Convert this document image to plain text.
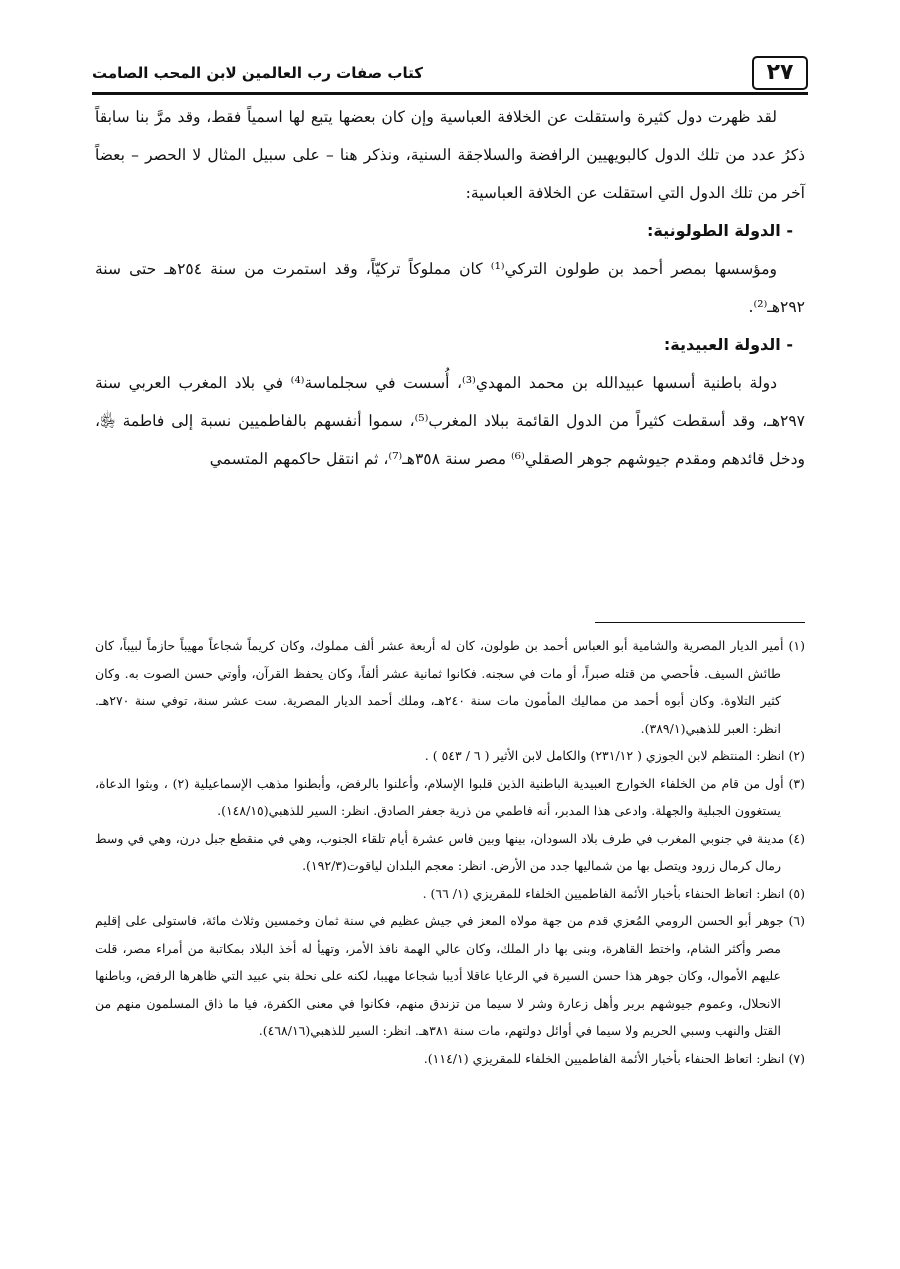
٢٧
كتاب صفات رب العالمين لابن المحب الصامت

لقد ظهرت دول كثيرة واستقلت عن الخلافة العباسية وإن كان بعضها يتبع لها اسمياً فقط، وقد مرَّ بنا سابقاً ذكرُ عدد من تلك الدول كالبويهيين الرافضة والسلاجقة السنية، ونذكر هنا – على سبيل المثال لا الحصر – بعضاً آخر من تلك الدول التي استقلت عن الخلافة العباسية:

- الدولة الطولونية:

ومؤسسها بمصر أحمد بن طولون التركي⁽¹⁾ كان مملوكاً تركيّاً، وقد استمرت من سنة ٢٥٤هـ حتى سنة ٢٩٢هـ⁽²⁾.

- الدولة العبيدية:

دولة باطنية أسسها عبيدالله بن محمد المهدي⁽³⁾، أُسست في سجلماسة⁽⁴⁾ في بلاد المغرب العربي سنة ٢٩٧هـ، وقد أسقطت كثيراً من الدول القائمة ببلاد المغرب⁽⁵⁾، سموا أنفسهم بالفاطميين نسبة إلى فاطمة ﵂، ودخل قائدهم ومقدم جيوشهم جوهر الصقلي⁽⁶⁾ مصر سنة ٣٥٨هـ⁽⁷⁾، ثم انتقل حاكمهم المتسمي

(١) أمير الديار المصرية والشامية أبو العباس أحمد بن طولون، كان له أربعة عشر ألف مملوك، وكان كريماً شجاعاً مهيباً حازماً لبيباً، كان طائش السيف. فأحصي من قتله صبراً، أو مات في سجنه. فكانوا ثمانية عشر ألفاً، وكان يحفظ القرآن، وأوتي حسن الصوت به. وكان كثير التلاوة. وكان أبوه أحمد من مماليك المأمون مات سنة ٢٤٠هـ، وملك أحمد الديار المصرية. ست عشر سنة، توفي سنة ٢٧٠هـ. انظر: العبر للذهبي(٣٨٩/١).

(٢) انظر: المنتظم لابن الجوزي ( ٢٣١/١٢) والكامل لابن الأثير ( ٦ / ٥٤٣ ) .

(٣) أول من قام من الخلفاء الخوارج العبيدية الباطنية الذين قلبوا الإسلام، وأعلنوا بالرفض، وأبطنوا مذهب الإسماعيلية (٢) ، وبثوا الدعاة، يستغوون الجبلية والجهلة. وادعى هذا المدبر، أنه فاطمي من ذرية جعفر الصادق. انظر: السير للذهبي(١٤٨/١٥).

(٤) مدينة في جنوبي المغرب في طرف بلاد السودان، بينها وبين فاس عشرة أيام تلقاء الجنوب، وهي في منقطع جبل درن، وهي في وسط رمال كرمال زرود ويتصل بها من شماليها جدد من الأرض. انظر: معجم البلدان لياقوت(١٩٢/٣).

(٥) انظر: اتعاظ الحنفاء بأخبار الأئمة الفاطميين الخلفاء للمقريزي (١/ ٦٦) .

(٦) جوهر أبو الحسن الرومي المُعزي قدم من جهة مولاه المعز في جيش عظيم في سنة ثمان وخمسين وثلاث مائة، فاستولى على إقليم مصر وأكثر الشام، واختط القاهرة، وبنى بها دار الملك، وكان عالي الهمة نافذ الأمر، وتهيأ له أخذ البلاد بمكاتبة من أمراء مصر، قلت عليهم الأموال، وكان جوهر هذا حسن السيرة في الرعايا عاقلا أديبا شجاعا مهيبا، لكنه على نحلة بني عبيد التي ظاهرها الرفض، وباطنها الانحلال، وعموم جيوشهم بربر وأهل زعارة وشر لا سيما من تزندق منهم، فكانوا في معنى الكفرة، فيا ما ذاق المسلمون منهم من القتل والنهب وسبي الحريم ولا سيما في أوائل دولتهم، مات سنة ٣٨١هـ. انظر: السير للذهبي(٤٦٨/١٦).

(٧) انظر: اتعاظ الحنفاء بأخبار الأئمة الفاطميين الخلفاء للمقريزي (١١٤/١).
